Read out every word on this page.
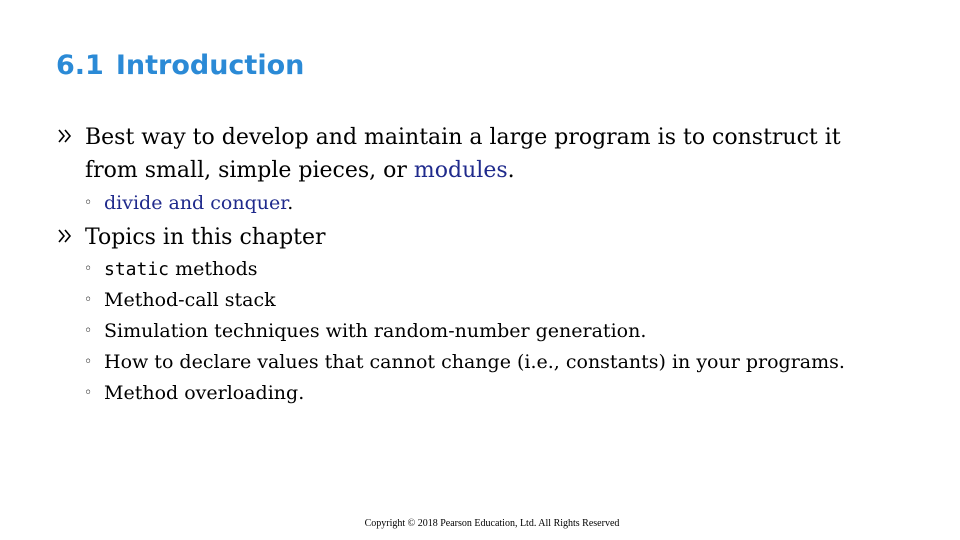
6.1 Introduction
Best way to develop and maintain a large program is to construct it
from small, simple pieces, or modules.
◦ divide and conquer.
Topics in this chapter
◦ static methods
◦ Method-call stack
◦ Simulation techniques with random-number generation.
◦ How to declare values that cannot change (i.e., constants) in your programs.
◦ Method overloading.
Copyright © 2018 Pearson Education, Ltd. All Rights Reserved
